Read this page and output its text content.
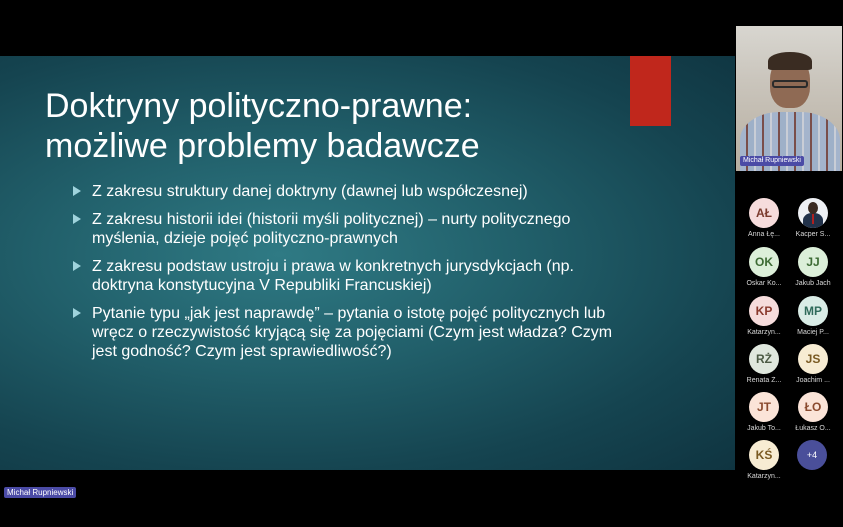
Doktryny polityczno-prawne:
możliwe problemy badawcze
Z zakresu struktury danej doktryny (dawnej lub współczesnej)
Z zakresu historii idei (historii myśli politycznej) – nurty politycznego myślenia, dzieje pojęć polityczno-prawnych
Z zakresu podstaw ustroju i prawa w konkretnych jurysdykcjach (np. doktryna konstytucyjna V Republiki Francuskiej)
Pytanie typu „jak jest naprawdę” – pytania o istotę pojęć politycznych lub wręcz o rzeczywistość kryjącą się za pojęciami (Czym jest władza? Czym jest godność? Czym jest sprawiedliwość?)
Michał Rupniewski
Michał Rupniewski
AŁ
Anna Łę...	Kacper S...
OK
Oskar Ko...
JJ
Jakub Jach
KP
Katarzyn...
MP
Maciej P...
RŻ
Renata Ż...
JS
Joachim ...
JT
Jakub To...
ŁO
Łukasz O...
KŚ
Katarzyn...
+4
